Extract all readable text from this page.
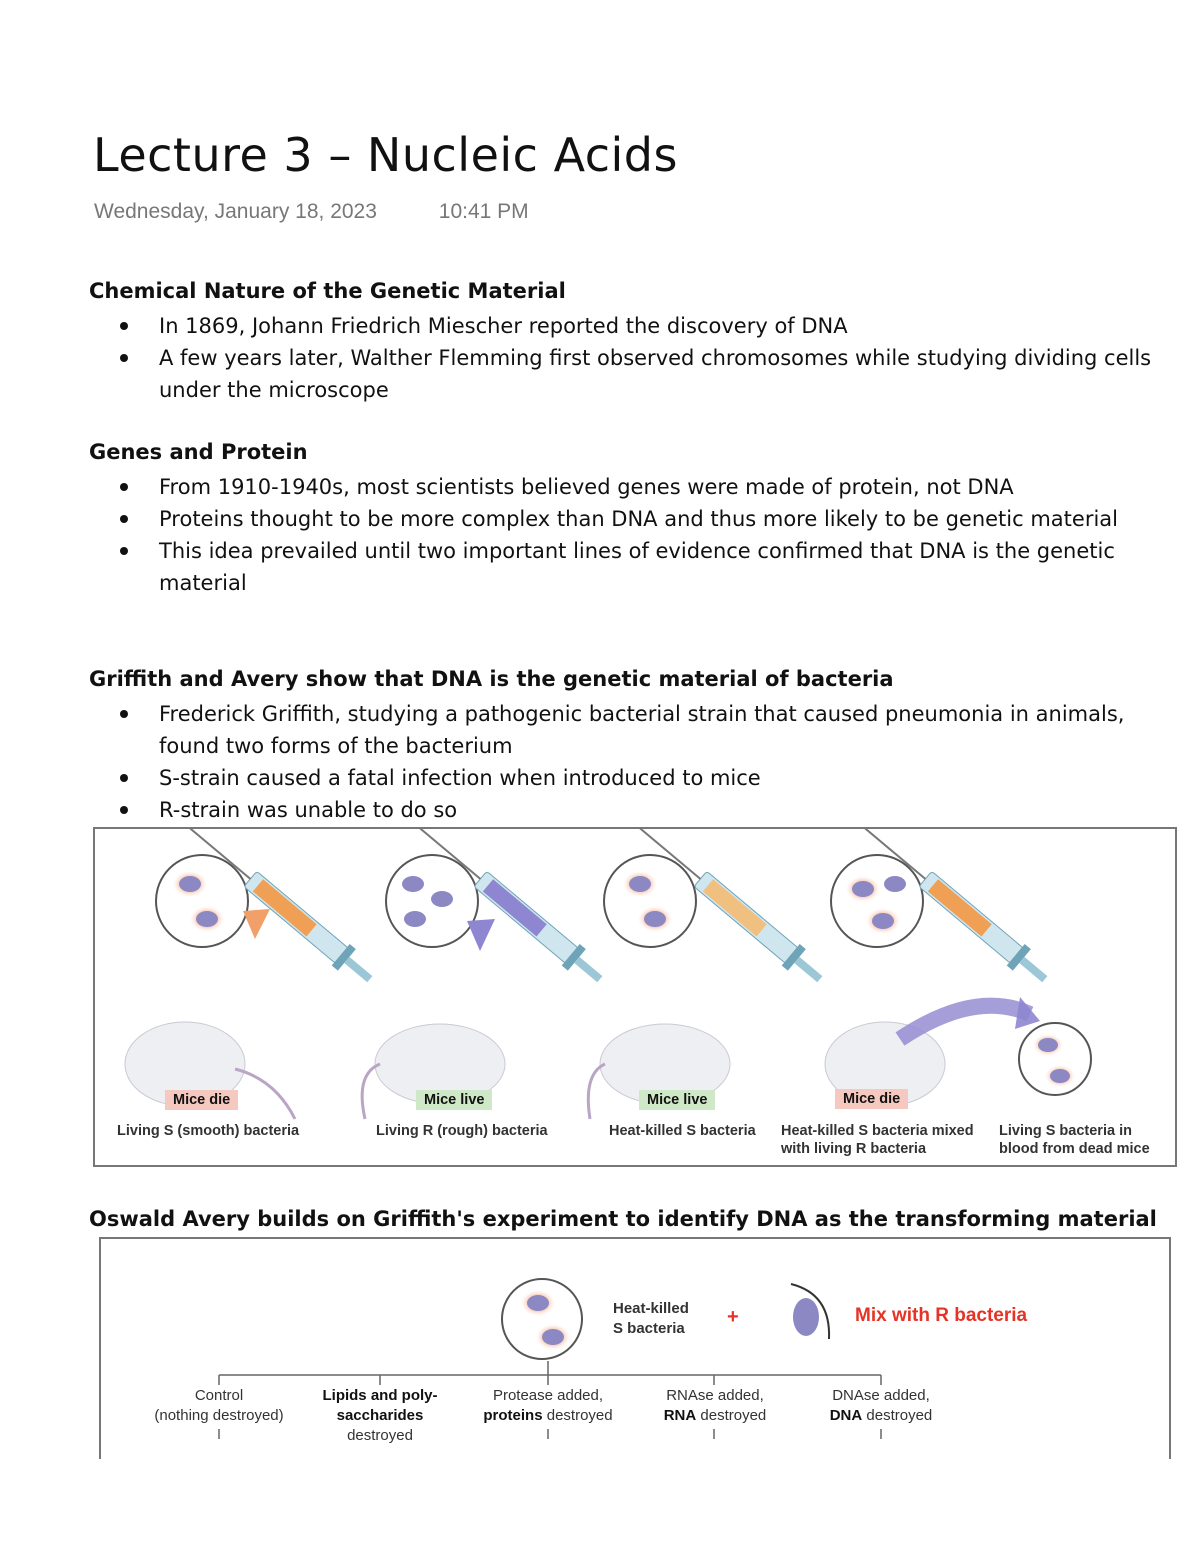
Lecture 3 – Nucleic Acids
Wednesday, January 18, 2023	10:41 PM
Chemical Nature of the Genetic Material
In 1869, Johann Friedrich Miescher reported the discovery of DNA
A few years later, Walther Flemming first observed chromosomes while studying dividing cells under the microscope
Genes and Protein
From 1910-1940s, most scientists believed genes were made of protein, not DNA
Proteins thought to be more complex than DNA and thus more likely to be genetic material
This idea prevailed until two important lines of evidence confirmed that DNA is the genetic material
Griffith and Avery show that DNA is the genetic material of bacteria
Frederick Griffith, studying a pathogenic bacterial strain that caused pneumonia in animals, found two forms of the bacterium
S-strain caused a fatal infection when introduced to mice
R-strain was unable to do so
Mice die	Mice live	Mice live	Mice die
Living S (smooth) bacteria	Living R (rough) bacteria	Heat-killed S bacteria	Heat-killed S bacteria mixed with living R bacteria
Living S bacteria in blood from dead mice
Oswald Avery builds on Griffith's experiment to identify DNA as the transforming material
Heat-killed
S bacteria
+	Mix with R bacteria
Control
(nothing destroyed)
Lipids and poly-
saccharides
destroyed
Protease added,
proteins destroyed
RNAse added,
RNA destroyed
DNAse added,
DNA destroyed
